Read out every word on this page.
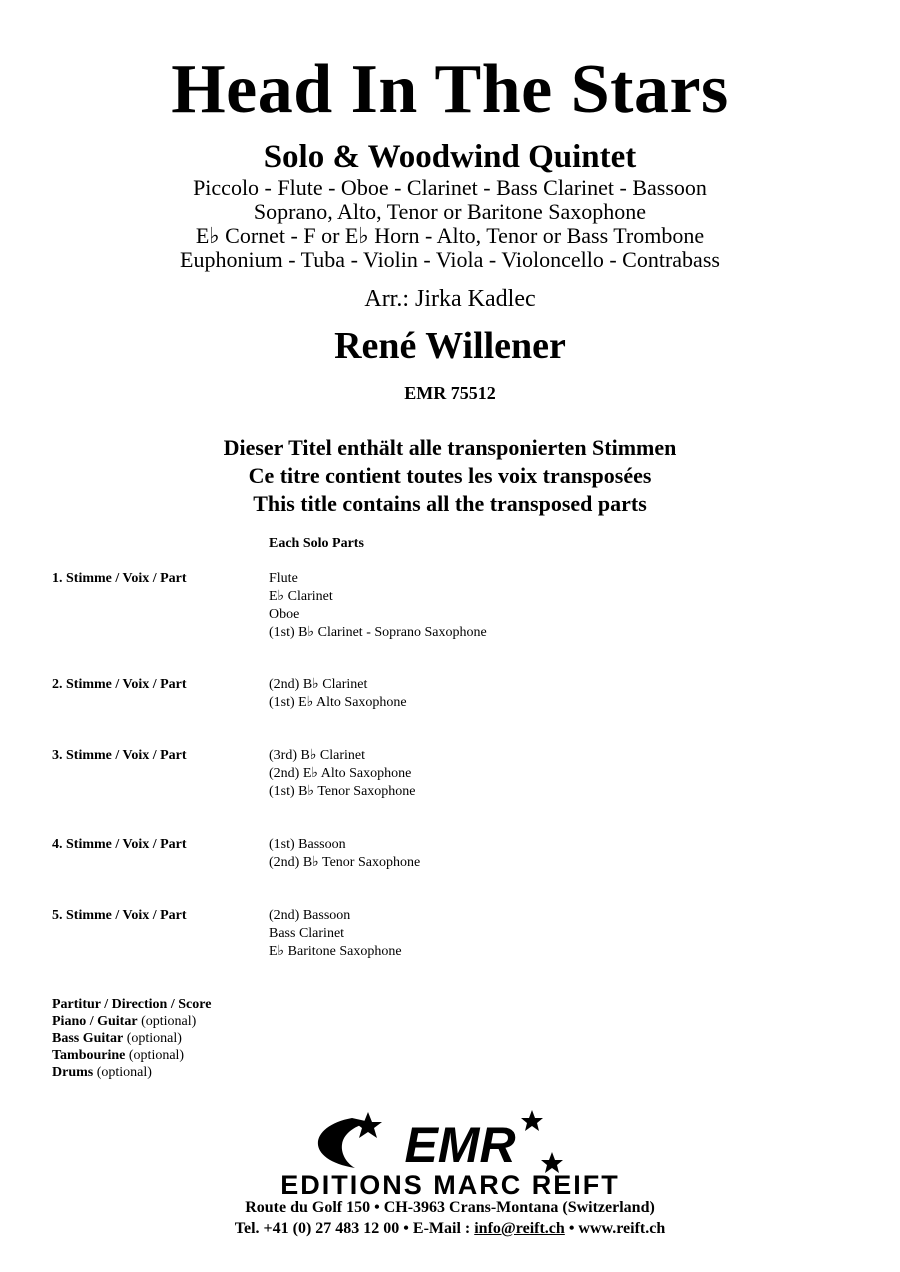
Head In The Stars
Solo & Woodwind Quintet
Piccolo - Flute - Oboe - Clarinet - Bass Clarinet - Bassoon
Soprano, Alto, Tenor or Baritone Saxophone
E♭ Cornet - F or E♭ Horn - Alto, Tenor or Bass Trombone
Euphonium - Tuba - Violin - Viola - Violoncello - Contrabass
Arr.: Jirka Kadlec
René Willener
EMR 75512
Dieser Titel enthält alle transponierten Stimmen
Ce titre contient toutes les voix transposées
This title contains all the transposed parts
Each Solo Parts
1. Stimme / Voix / Part	Flute
E♭ Clarinet
Oboe
(1st) B♭ Clarinet - Soprano Saxophone
2. Stimme / Voix / Part	(2nd) B♭ Clarinet
(1st) E♭ Alto Saxophone
3. Stimme / Voix / Part	(3rd) B♭ Clarinet
(2nd) E♭ Alto Saxophone
(1st) B♭ Tenor Saxophone
4. Stimme / Voix / Part	(1st) Bassoon
(2nd) B♭ Tenor Saxophone
5. Stimme / Voix / Part	(2nd) Bassoon
Bass Clarinet
E♭ Baritone Saxophone
Partitur / Direction / Score
Piano / Guitar (optional)
Bass Guitar (optional)
Tambourine (optional)
Drums (optional)
EMR
EDITIONS MARC REIFT
Route du Golf 150 • CH-3963 Crans-Montana (Switzerland)
Tel. +41 (0) 27 483 12 00 • E-Mail : info@reift.ch • www.reift.ch
